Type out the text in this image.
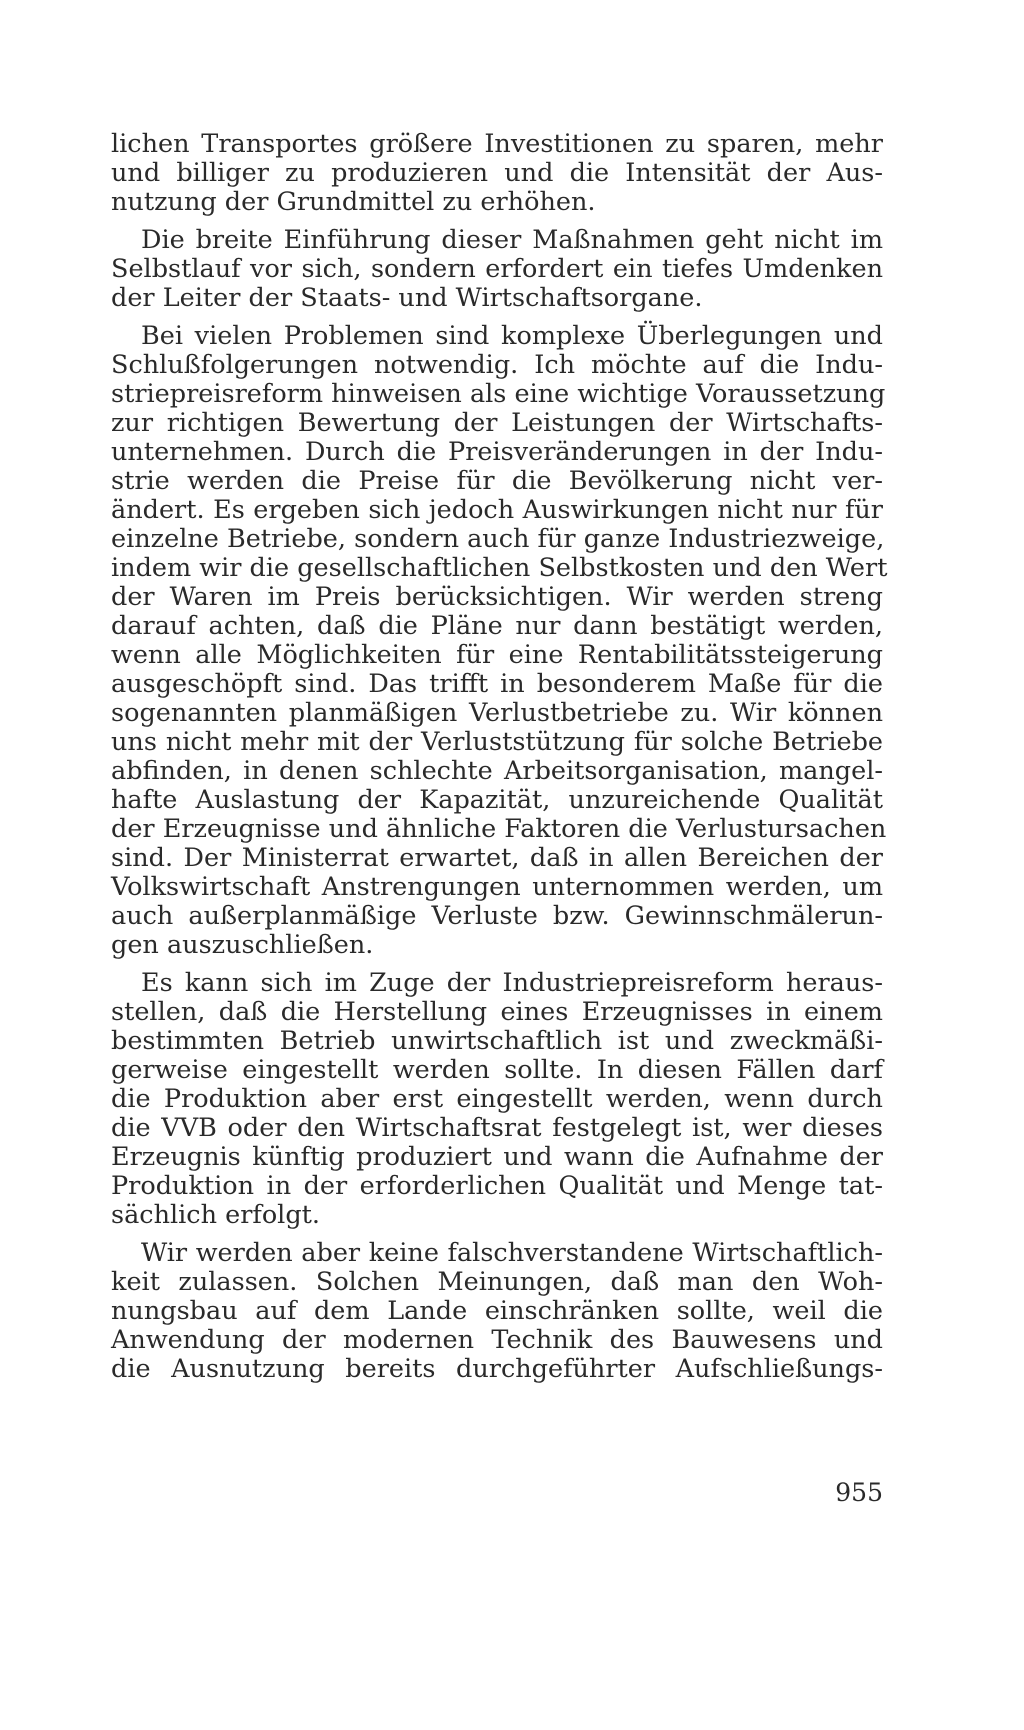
lichen Transportes größere Investitionen zu sparen, mehr
und billiger zu produzieren und die Intensität der Aus-
nutzung der Grundmittel zu erhöhen.
Die breite Einführung dieser Maßnahmen geht nicht im
Selbstlauf vor sich, sondern erfordert ein tiefes Umdenken
der Leiter der Staats- und Wirtschaftsorgane.
Bei vielen Problemen sind komplexe Überlegungen und
Schlußfolgerungen notwendig. Ich möchte auf die Indu-
striepreisreform hinweisen als eine wichtige Voraussetzung
zur richtigen Bewertung der Leistungen der Wirtschafts-
unternehmen. Durch die Preisveränderungen in der Indu-
strie werden die Preise für die Bevölkerung nicht ver-
ändert. Es ergeben sich jedoch Auswirkungen nicht nur für
einzelne Betriebe, sondern auch für ganze Industriezweige,
indem wir die gesellschaftlichen Selbstkosten und den Wert
der Waren im Preis berücksichtigen. Wir werden streng
darauf achten, daß die Pläne nur dann bestätigt werden,
wenn alle Möglichkeiten für eine Rentabilitätssteigerung
ausgeschöpft sind. Das trifft in besonderem Maße für die
sogenannten planmäßigen Verlustbetriebe zu. Wir können
uns nicht mehr mit der Verluststützung für solche Betriebe
abfinden, in denen schlechte Arbeitsorganisation, mangel-
hafte Auslastung der Kapazität, unzureichende Qualität
der Erzeugnisse und ähnliche Faktoren die Verlustursachen
sind. Der Ministerrat erwartet, daß in allen Bereichen der
Volkswirtschaft Anstrengungen unternommen werden, um
auch außerplanmäßige Verluste bzw. Gewinnschmälerun-
gen auszuschließen.
Es kann sich im Zuge der Industriepreisreform heraus-
stellen, daß die Herstellung eines Erzeugnisses in einem
bestimmten Betrieb unwirtschaftlich ist und zweckmäßi-
gerweise eingestellt werden sollte. In diesen Fällen darf
die Produktion aber erst eingestellt werden, wenn durch
die VVB oder den Wirtschaftsrat festgelegt ist, wer dieses
Erzeugnis künftig produziert und wann die Aufnahme der
Produktion in der erforderlichen Qualität und Menge tat-
sächlich erfolgt.
Wir werden aber keine falschverstandene Wirtschaftlich-
keit zulassen. Solchen Meinungen, daß man den Woh-
nungsbau auf dem Lande einschränken sollte, weil die
Anwendung der modernen Technik des Bauwesens und
die Ausnutzung bereits durchgeführter Aufschließungs-
955
